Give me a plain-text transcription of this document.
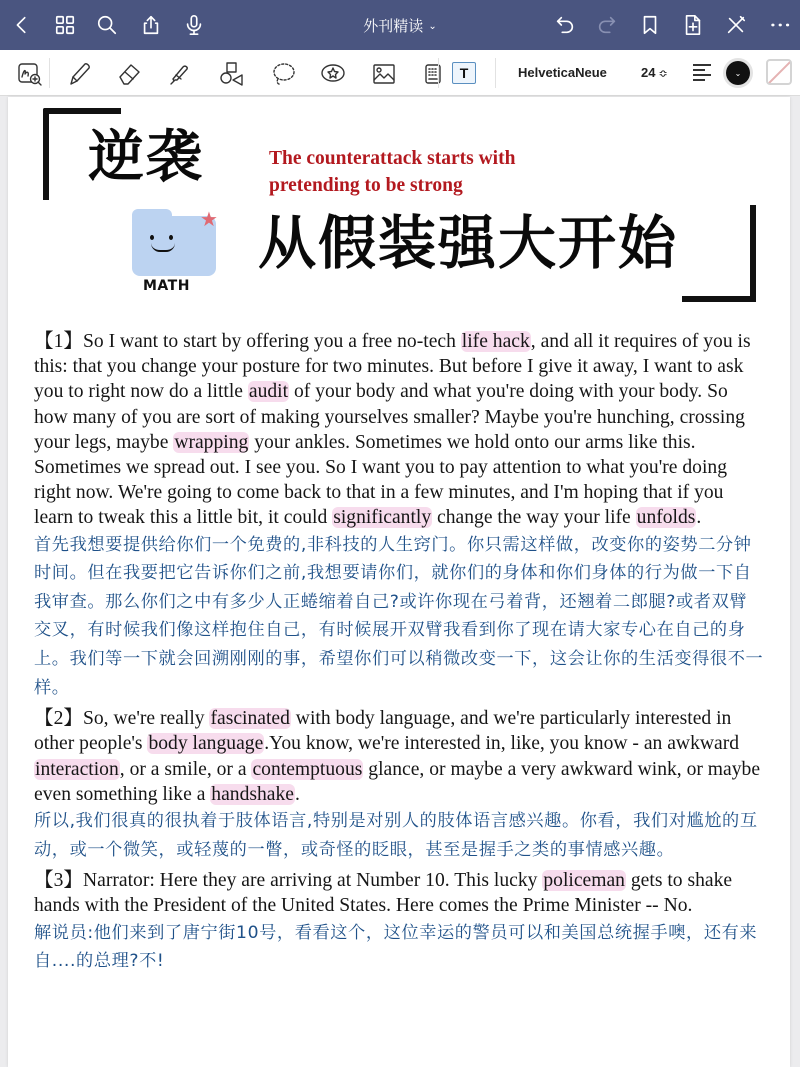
外刊精读 ⌄
T	HelveticaNeue	24 ≎	⌄
逆袭	The counterattack starts with
pretending to be strong
从假装强大开始
★
MATH
【1】So I want to start by offering you a free no-tech life hack, and all it requires of you is this: that you change your posture for two minutes. But before I give it away, I want to ask you to right now do a little audit of your body and what you're doing with your body. So how many of you are sort of making yourselves smaller? Maybe you're hunching, crossing your legs, maybe wrapping your ankles. Sometimes we hold onto our arms like this. Sometimes we spread out. I see you. So I want you to pay attention to what you're doing right now. We're going to come back to that in a few minutes, and I'm hoping that if you learn to tweak this a little bit, it could significantly change the way your life unfolds.
首先我想要提供给你们一个免费的,非科技的人生窍门。你只需这样做，改变你的姿势二分钟时间。但在我要把它告诉你们之前,我想要请你们，就你们的身体和你们身体的行为做一下自我审查。那么你们之中有多少人正蜷缩着自己?或许你现在弓着背，还翘着二郎腿?或者双臂交叉，有时候我们像这样抱住自己，有时候展开双臂我看到你了现在请大家专心在自己的身上。我们等一下就会回溯刚刚的事，希望你们可以稍微改变一下，这会让你的生活变得很不一样。
【2】So, we're really fascinated with body language, and we're particularly interested in other people's body language.You know, we're interested in, like, you know - an awkward interaction, or a smile, or a contemptuous glance, or maybe a very awkward wink, or maybe even something like a handshake.
所以,我们很真的很执着于肢体语言,特别是对别人的肢体语言感兴趣。你看，我们对尴尬的互动，或一个微笑，或轻蔑的一瞥，或奇怪的眨眼，甚至是握手之类的事情感兴趣。
【3】Narrator: Here they are arriving at Number 10. This lucky policeman gets to shake hands with the President of the United States. Here comes the Prime Minister -- No.
解说员:他们来到了唐宁街10号，看看这个，这位幸运的警员可以和美国总统握手噢，还有来自....的总理?不!
